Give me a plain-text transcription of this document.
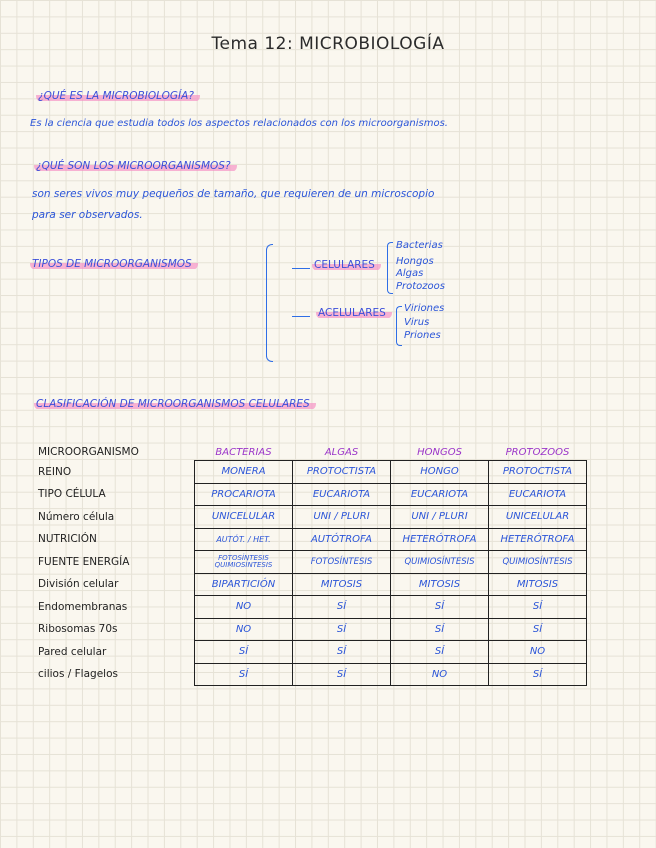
Tema 12: MICROBIOLOGÍA
¿QUÉ ES LA MICROBIOLOGÍA?
Es la ciencia que estudia todos los aspectos relacionados con los microorganismos.
¿QUÉ SON LOS MICROORGANISMOS?
son seres vivos muy pequeños de tamaño, que requieren de un microscopio
para ser observados.
TIPOS DE MICROORGANISMOS	CELULARES
Bacterias
Hongos
Algas
Protozoos
ACELULARES	Viriones
Virus
Priones
CLASIFICACIÓN DE MICROORGANISMOS CELULARES
MICROORGANISMO	BACTERIAS	ALGAS	HONGOS	PROTOZOOS
REINO	MONERA	PROTOCTISTA	HONGO	PROTOCTISTA
TIPO CÉLULA	PROCARIOTA	EUCARIOTA	EUCARIOTA	EUCARIOTA
Número célula	UNICELULAR	UNI / PLURI	UNI / PLURI	UNICELULAR
NUTRICIÓN	AUTÓT. / HET.	AUTÓTROFA	HETERÓTROFA	HETERÓTROFA
FUENTE ENERGÍA	FOTOSÍNTESIS QUIMIOSÍNTESIS	FOTOSÍNTESIS	QUIMIOSÍNTESIS	QUIMIOSÍNTESIS
División celular	BIPARTICIÓN	MITOSIS	MITOSIS	MITOSIS
Endomembranas	NO	SÍ	SÍ	SÍ
Ribosomas 70s	NO	SÍ	SÍ	SÍ
Pared celular	SÍ	SÍ	SÍ	NO
cilios / Flagelos	SÍ	SÍ	NO	SÍ
